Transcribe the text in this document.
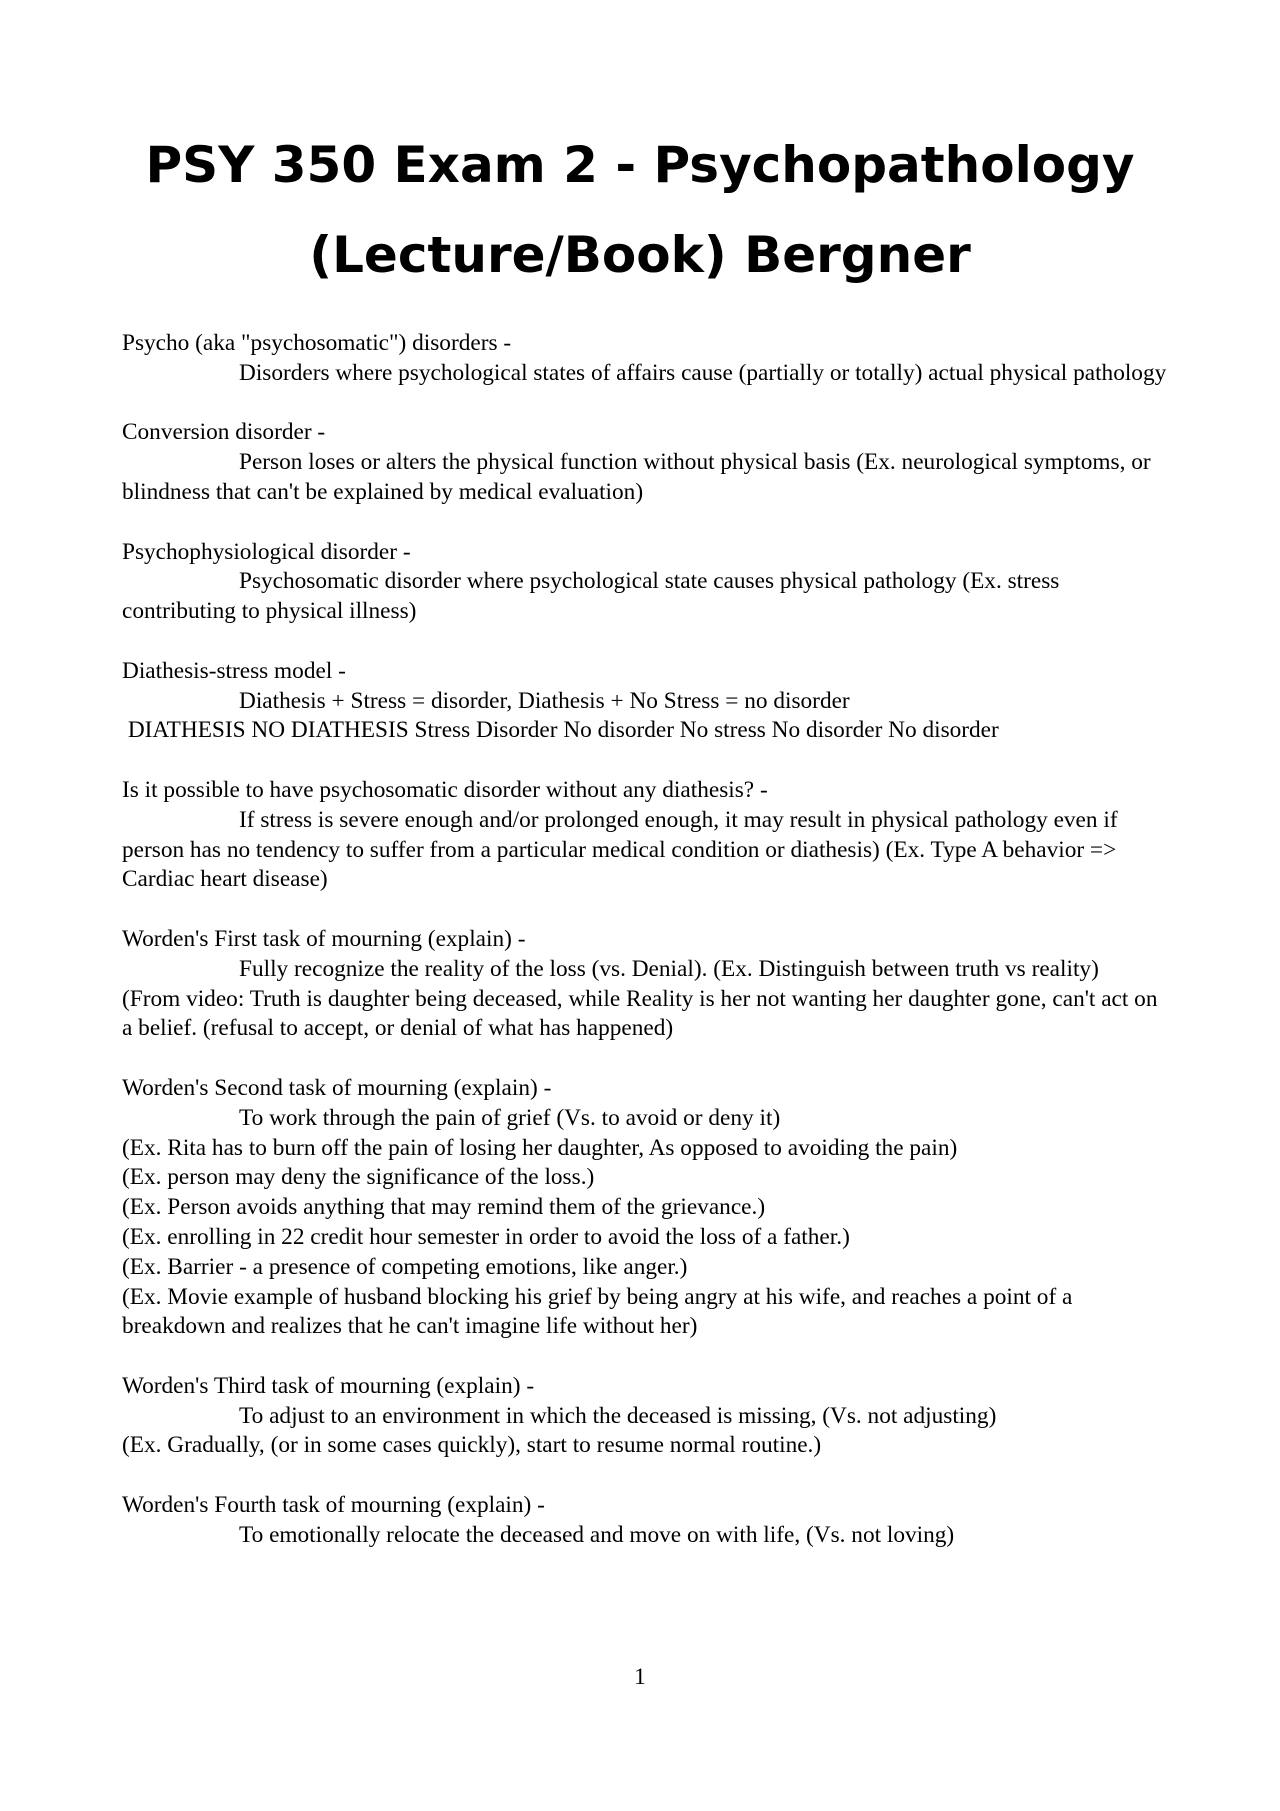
PSY 350 Exam 2 - Psychopathology
(Lecture/Book) Bergner

Psycho (aka "psychosomatic") disorders -

Disorders where psychological states of affairs cause (partially or totally) actual physical pathology

Conversion disorder -

Person loses or alters the physical function without physical basis (Ex. neurological symptoms, or blindness that can't be explained by medical evaluation)

Psychophysiological disorder -

Psychosomatic disorder where psychological state causes physical pathology (Ex. stress contributing to physical illness)

Diathesis-stress model -

Diathesis + Stress = disorder, Diathesis + No Stress = no disorder

DIATHESIS NO DIATHESIS Stress Disorder No disorder No stress No disorder No disorder

Is it possible to have psychosomatic disorder without any diathesis? -

If stress is severe enough and/or prolonged enough, it may result in physical pathology even if person has no tendency to suffer from a particular medical condition or diathesis) (Ex. Type A behavior => Cardiac heart disease)

Worden's First task of mourning (explain) -

Fully recognize the reality of the loss (vs. Denial). (Ex. Distinguish between truth vs reality)

(From video: Truth is daughter being deceased, while Reality is her not wanting her daughter gone, can't act on a belief. (refusal to accept, or denial of what has happened)

Worden's Second task of mourning (explain) -

To work through the pain of grief (Vs. to avoid or deny it)

(Ex. Rita has to burn off the pain of losing her daughter, As opposed to avoiding the pain)

(Ex. person may deny the significance of the loss.)

(Ex. Person avoids anything that may remind them of the grievance.)

(Ex. enrolling in 22 credit hour semester in order to avoid the loss of a father.)

(Ex. Barrier - a presence of competing emotions, like anger.)

(Ex. Movie example of husband blocking his grief by being angry at his wife, and reaches a point of a breakdown and realizes that he can't imagine life without her)

Worden's Third task of mourning (explain) -

To adjust to an environment in which the deceased is missing, (Vs. not adjusting)

(Ex. Gradually, (or in some cases quickly), start to resume normal routine.)

Worden's Fourth task of mourning (explain) -

To emotionally relocate the deceased and move on with life, (Vs. not loving)

1
